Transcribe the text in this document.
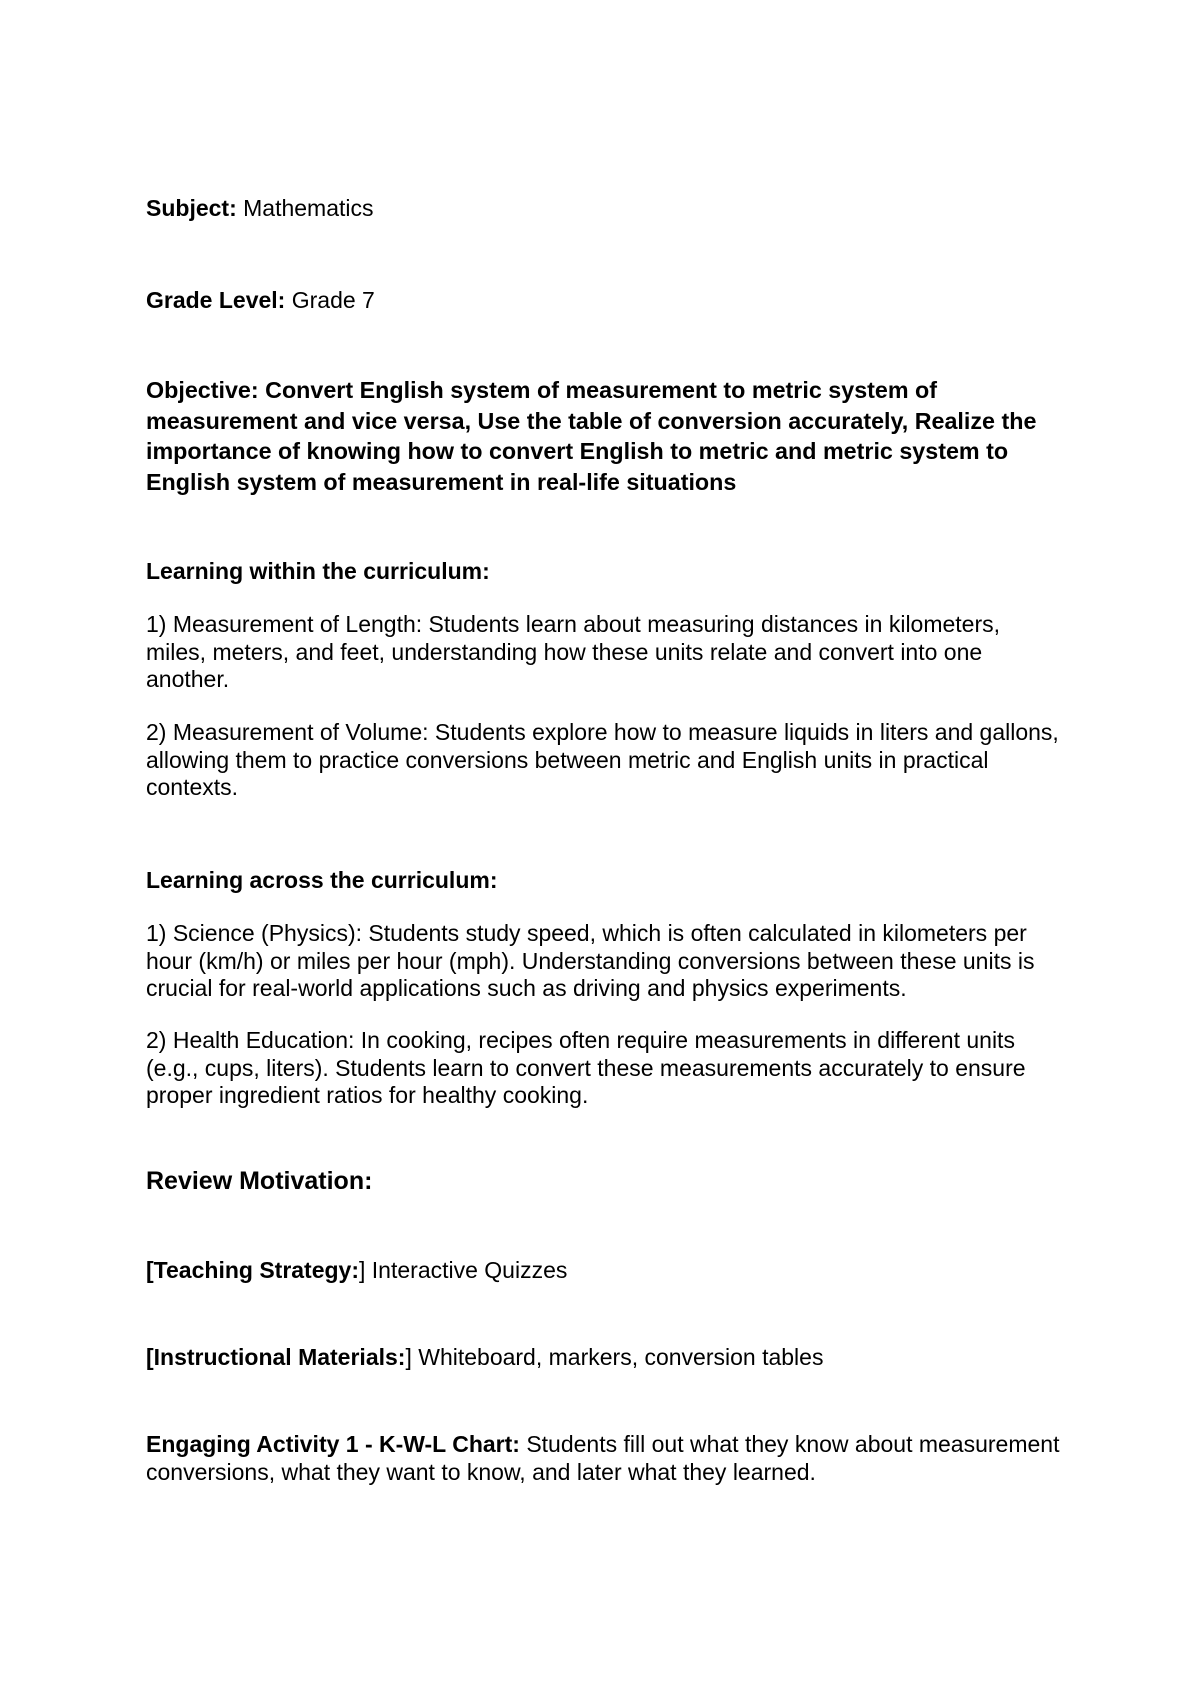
Subject: Mathematics
Grade Level: Grade 7
Objective: Convert English system of measurement to metric system of measurement and vice versa, Use the table of conversion accurately, Realize the importance of knowing how to convert English to metric and metric system to English system of measurement in real-life situations
Learning within the curriculum:
1) Measurement of Length: Students learn about measuring distances in kilometers, miles, meters, and feet, understanding how these units relate and convert into one another.
2) Measurement of Volume: Students explore how to measure liquids in liters and gallons, allowing them to practice conversions between metric and English units in practical contexts.
Learning across the curriculum:
1) Science (Physics): Students study speed, which is often calculated in kilometers per hour (km/h) or miles per hour (mph). Understanding conversions between these units is crucial for real-world applications such as driving and physics experiments.
2) Health Education: In cooking, recipes often require measurements in different units (e.g., cups, liters). Students learn to convert these measurements accurately to ensure proper ingredient ratios for healthy cooking.
Review Motivation:
[Teaching Strategy:] Interactive Quizzes
[Instructional Materials:] Whiteboard, markers, conversion tables
Engaging Activity 1 - K-W-L Chart: Students fill out what they know about measurement conversions, what they want to know, and later what they learned.
